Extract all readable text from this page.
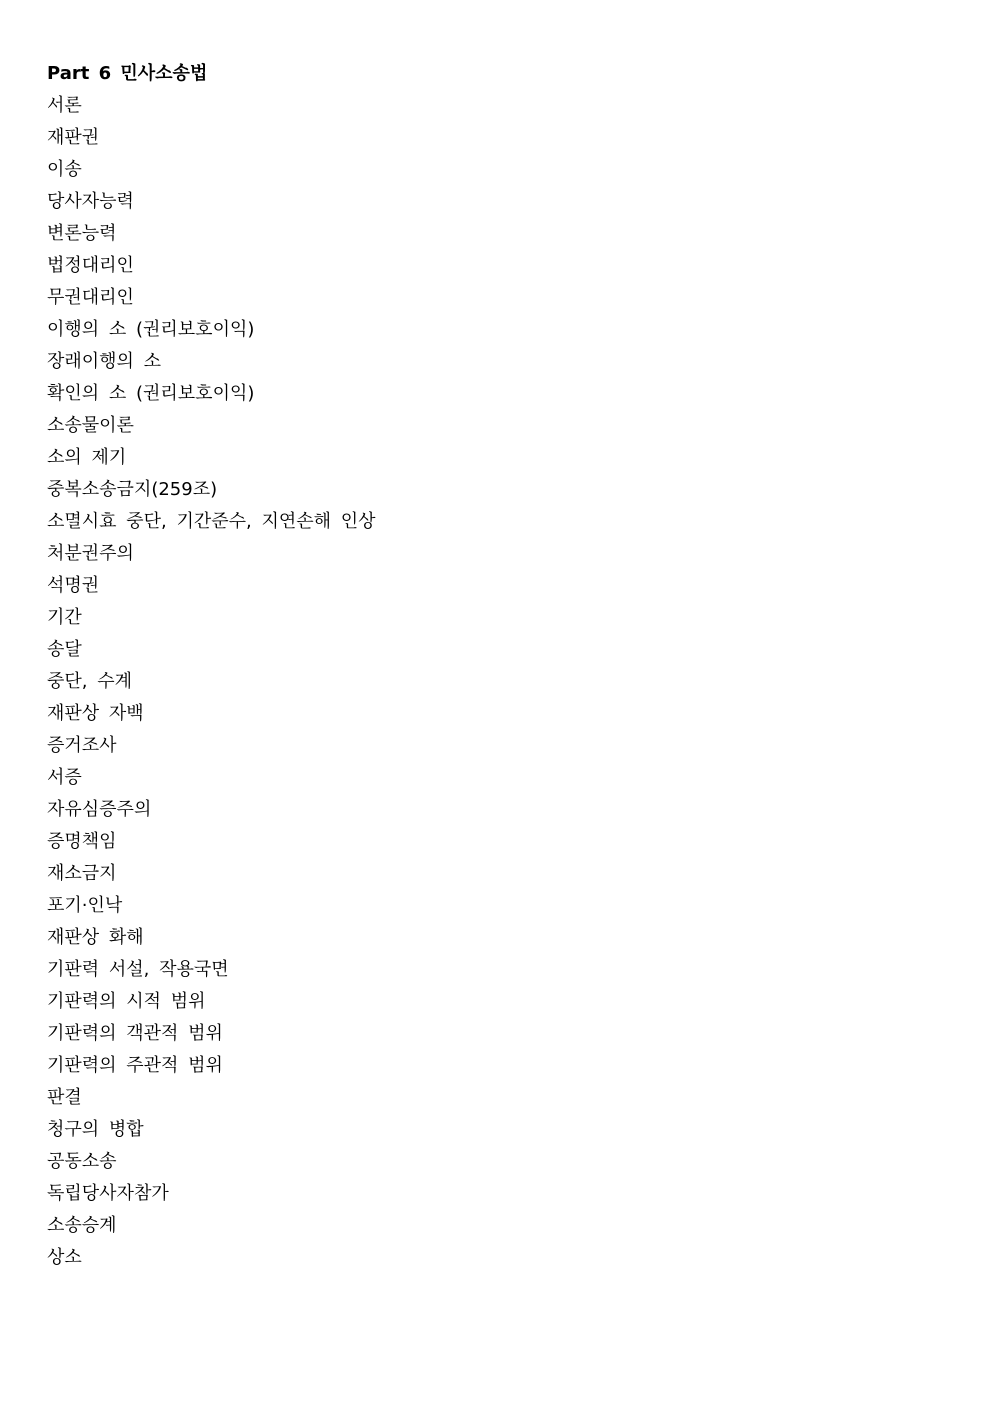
Part 6 민사소송법
서론
재판권
이송
당사자능력
변론능력
법정대리인
무권대리인
이행의 소 (권리보호이익)
장래이행의 소
확인의 소 (권리보호이익)
소송물이론
소의 제기
중복소송금지(259조)
소멸시효 중단, 기간준수, 지연손해 인상
처분권주의
석명권
기간
송달
중단, 수계
재판상 자백
증거조사
서증
자유심증주의
증명책임
재소금지
포기·인낙
재판상 화해
기판력 서설, 작용국면
기판력의 시적 범위
기판력의 객관적 범위
기판력의 주관적 범위
판결
청구의 병합
공동소송
독립당사자참가
소송승계
상소
